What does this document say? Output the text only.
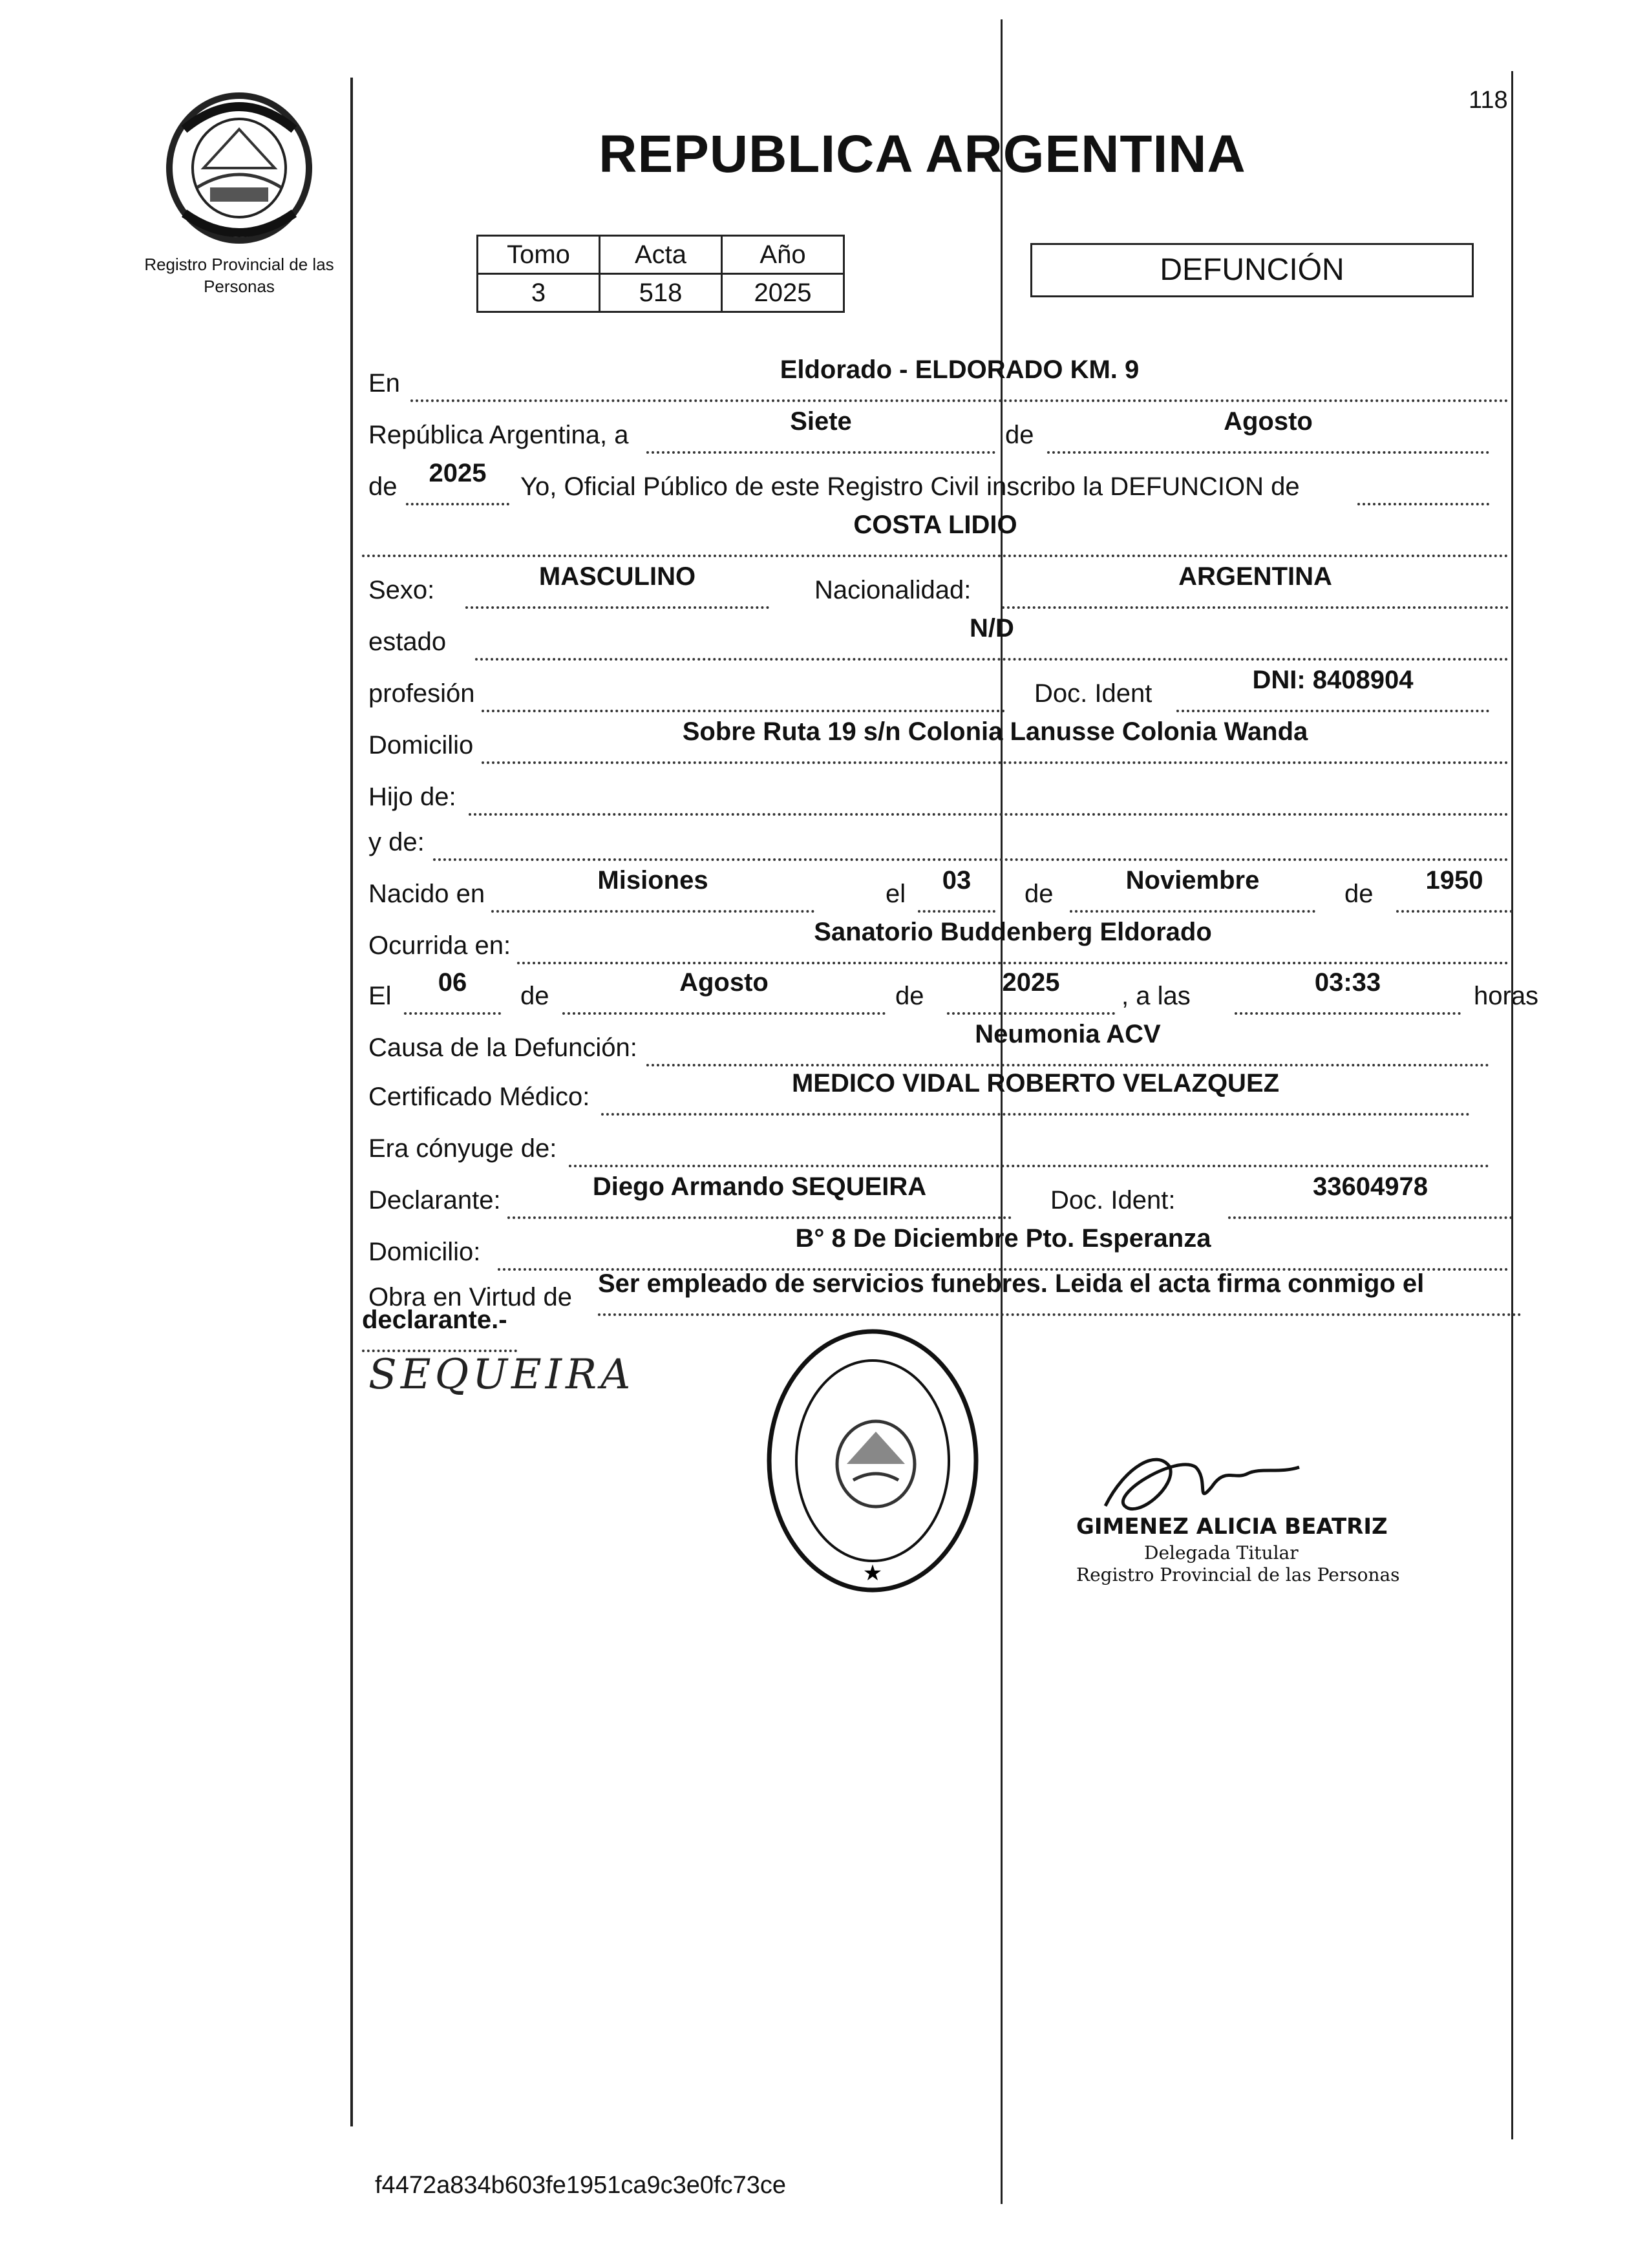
118
Registro Provincial de las Personas
REPUBLICA ARGENTINA
Tomo	Acta	Año
3	518	2025
DEFUNCIÓN
En	Eldorado - ELDORADO KM. 9
República Argentina, a	Siete	de	Agosto
de	2025	Yo, Oficial Público de este Registro Civil inscribo la DEFUNCION de
COSTA LIDIO
Sexo:	MASCULINO	Nacionalidad:	ARGENTINA
estado	N/D
profesión	Doc. Ident	DNI: 8408904
Domicilio	Sobre Ruta 19 s/n Colonia Lanusse Colonia Wanda
Hijo de:
y de:
Nacido en	Misiones	el	03	de	Noviembre	de	1950
Ocurrida en:	Sanatorio Buddenberg Eldorado
El	06	de	Agosto	de	2025	, a las	03:33	horas
Causa de la Defunción:	Neumonia ACV
Certificado Médico:	MEDICO VIDAL ROBERTO VELAZQUEZ
Era cónyuge de:
Declarante:	Diego Armando SEQUEIRA	Doc. Ident:	33604978
Domicilio:	B° 8 De Diciembre Pto. Esperanza
Obra en Virtud de Ser empleado de servicios funebres. Leida el acta firma conmigo el
declarante.-
SEQUEIRA
★
GIMENEZ ALICIA BEATRIZ
Delegada Titular
Registro Provincial de las Personas
f4472a834b603fe1951ca9c3e0fc73ce
